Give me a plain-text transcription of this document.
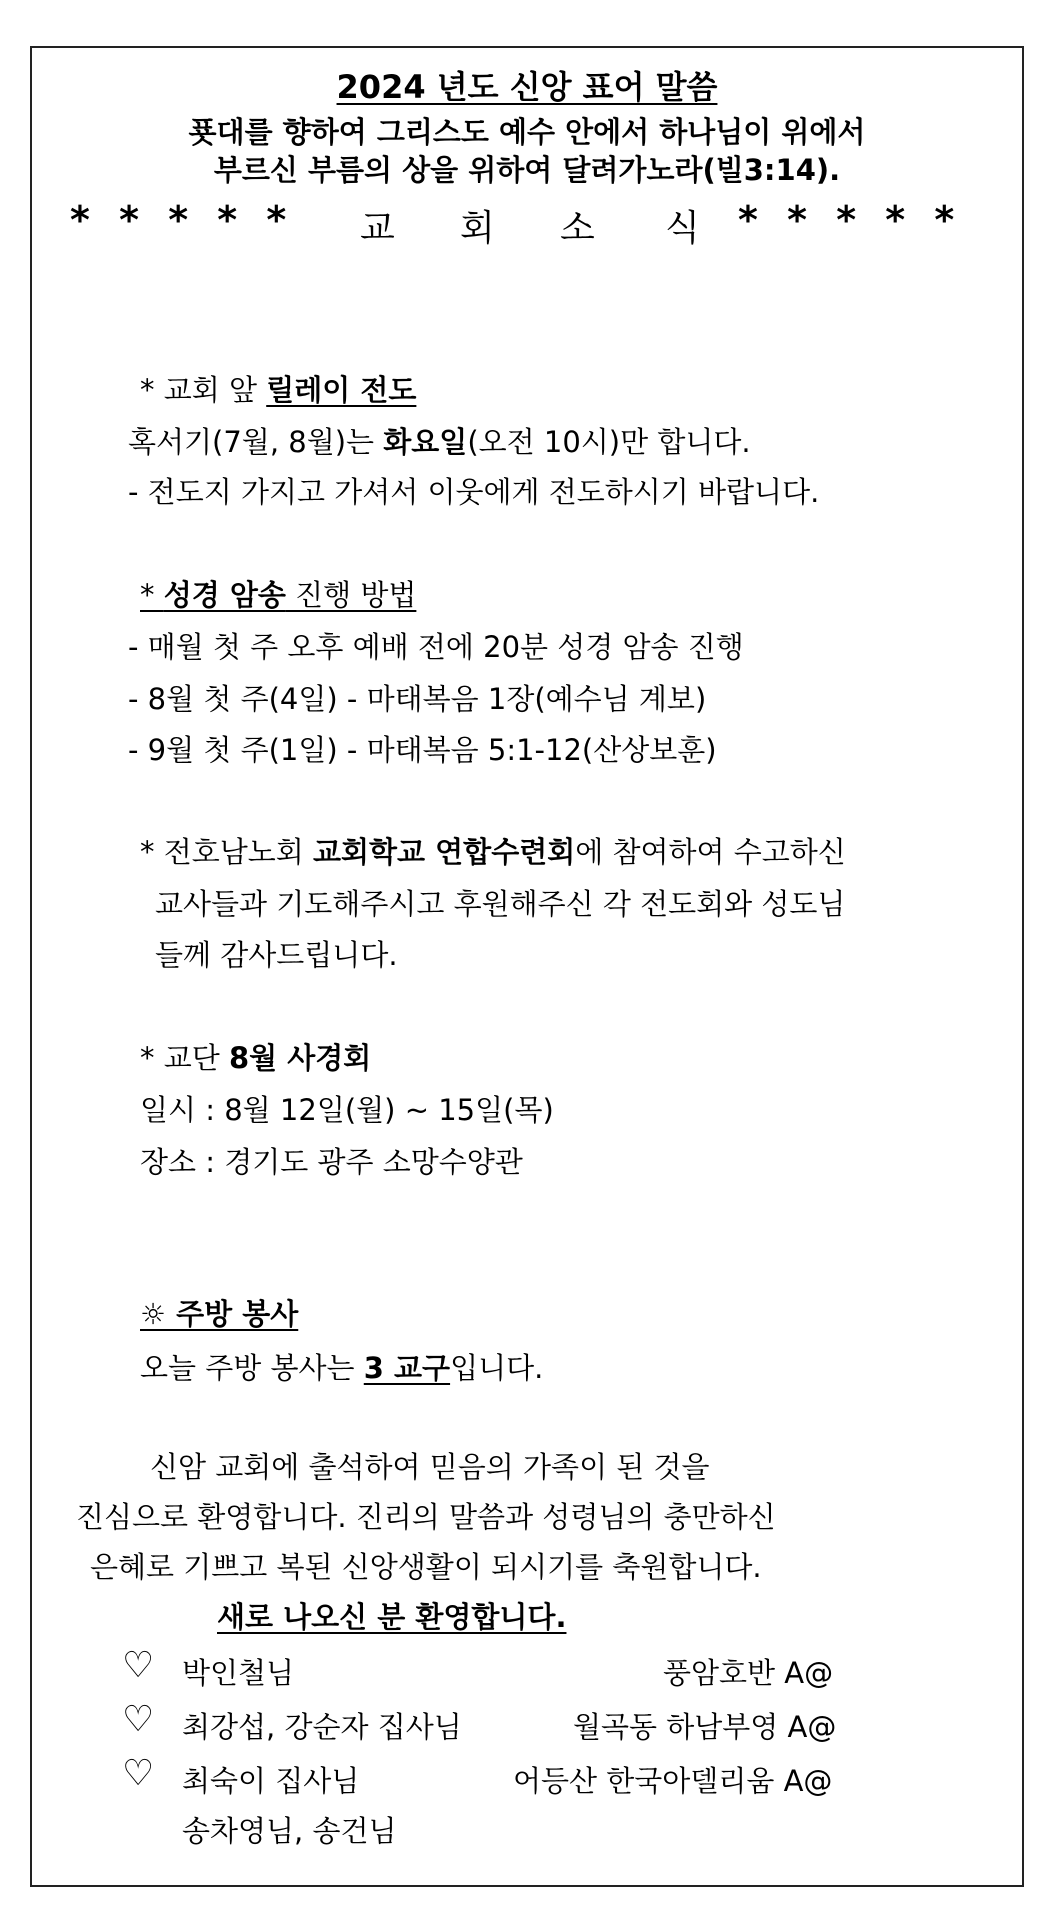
2024 년도 신앙 표어 말씀
푯대를 향하여 그리스도 예수 안에서 하나님이 위에서
부르신 부름의 상을 위하여 달려가노라(빌3:14).
* * * * * 교 회 소 식 * * * * *
* 교회 앞 릴레이 전도
혹서기(7월, 8월)는 화요일(오전 10시)만 합니다.
- 전도지 가지고 가셔서 이웃에게 전도하시기 바랍니다.
* 성경 암송 진행 방법
- 매월 첫 주 오후 예배 전에 20분 성경 암송 진행
- 8월 첫 주(4일) - 마태복음 1장(예수님 계보)
- 9월 첫 주(1일) - 마태복음 5:1-12(산상보훈)
* 전호남노회 교회학교 연합수련회에 참여하여 수고하신
교사들과 기도해주시고 후원해주신 각 전도회와 성도님
들께 감사드립니다.
* 교단 8월 사경회
일시 : 8월 12일(월) ~ 15일(목)
장소 : 경기도 광주 소망수양관
☼ 주방 봉사
오늘 주방 봉사는 3 교구입니다.
신암 교회에 출석하여 믿음의 가족이 된 것을
진심으로 환영합니다. 진리의 말씀과 성령님의 충만하신
은혜로 기쁘고 복된 신앙생활이 되시기를 축원합니다.
새로 나오신 분 환영합니다.
♡ 박인철님	풍암호반 A@
♡ 최강섭, 강순자 집사님	월곡동 하남부영 A@
♡ 최숙이 집사님	어등산 한국아델리움 A@
송차영님, 송건님
